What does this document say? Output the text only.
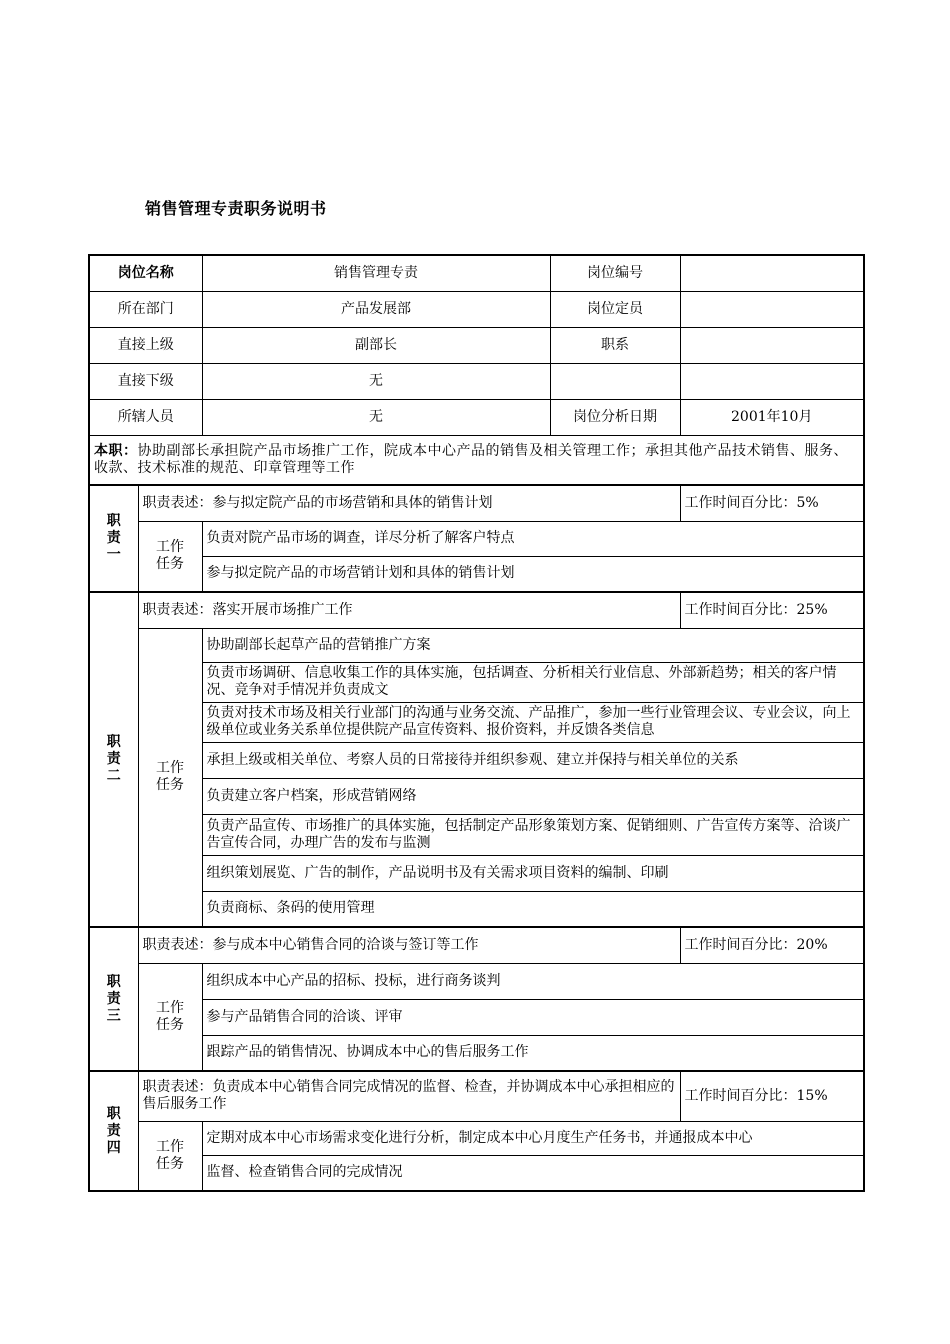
销售管理专责职务说明书
岗位名称		销售管理专责	岗位编号	
所在部门		产品发展部	岗位定员	
直接上级		副部长	职系	
直接下级		无		
所辖人员		无	岗位分析日期	2001年10月
本职：协助副部长承担院产品市场推广工作，院成本中心产品的销售及相关管理工作；承担其他产品技术销售、服务、收款、技术标准的规范、印章管理等工作				
职责一	职责表述：参与拟定院产品的市场营销和具体的销售计划			工作时间百分比：5%
	工作任务	负责对院产品市场的调查，详尽分析了解客户特点		
		参与拟定院产品的市场营销计划和具体的销售计划		
职责二	职责表述：落实开展市场推广工作			工作时间百分比：25%
	工作任务	协助副部长起草产品的营销推广方案		
		负责市场调研、信息收集工作的具体实施，包括调查、分析相关行业信息、外部新趋势；相关的客户情况、竞争对手情况并负责成文		
		负责对技术市场及相关行业部门的沟通与业务交流、产品推广，参加一些行业管理会议、专业会议，向上级单位或业务关系单位提供院产品宣传资料、报价资料，并反馈各类信息		
		承担上级或相关单位、考察人员的日常接待并组织参观、建立并保持与相关单位的关系		
		负责建立客户档案，形成营销网络		
		负责产品宣传、市场推广的具体实施，包括制定产品形象策划方案、促销细则、广告宣传方案等、洽谈广告宣传合同，办理广告的发布与监测		
		组织策划展览、广告的制作，产品说明书及有关需求项目资料的编制、印刷		
		负责商标、条码的使用管理		
职责三	职责表述：参与成本中心销售合同的洽谈与签订等工作			工作时间百分比：20%
	工作任务	组织成本中心产品的招标、投标，进行商务谈判		
		参与产品销售合同的洽谈、评审		
		跟踪产品的销售情况、协调成本中心的售后服务工作		
职责四	职责表述：负责成本中心销售合同完成情况的监督、检查，并协调成本中心承担相应的售后服务工作			工作时间百分比：15%
	工作任务	定期对成本中心市场需求变化进行分析，制定成本中心月度生产任务书，并通报成本中心		
		监督、检查销售合同的完成情况		
